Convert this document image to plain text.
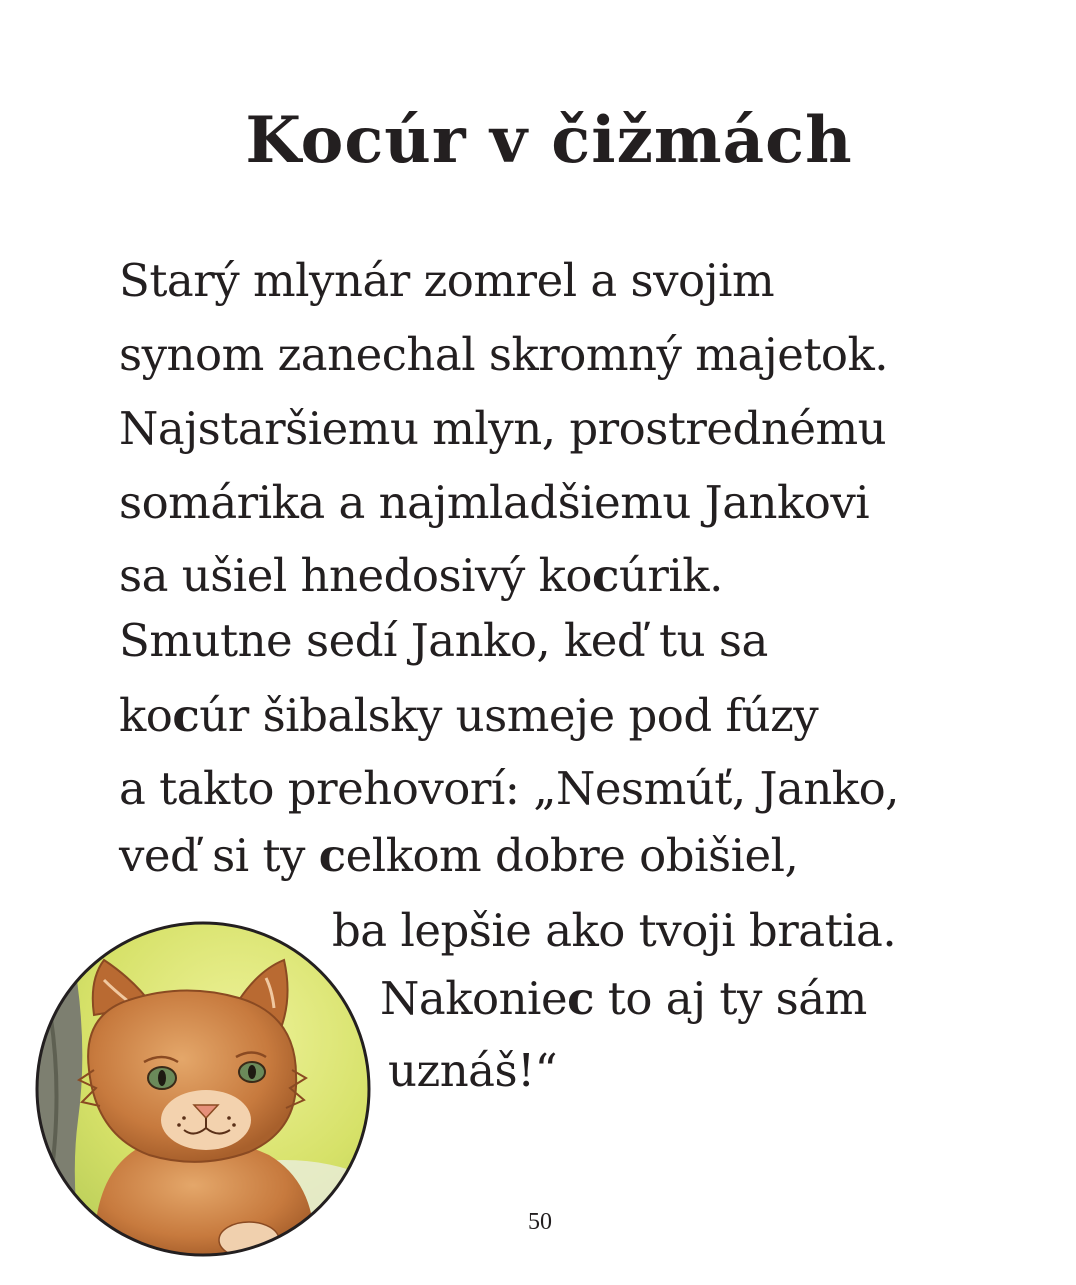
Kocúr v čižmách
Starý mlynár zomrel a svojim
synom zanechal skromný majetok.
Najstaršiemu mlyn, prostrednému
somárika a najmladšiemu Jankovi
sa ušiel hnedosivý kocúrik.
Smutne sedí Janko, keď tu sa
kocúr šibalsky usmeje pod fúzy
a takto prehovorí: „Nesmúť, Janko,
veď si ty celkom dobre obišiel,
ba lepšie ako tvoji bratia.
Nakoniec to aj ty sám
uznáš!“
50
